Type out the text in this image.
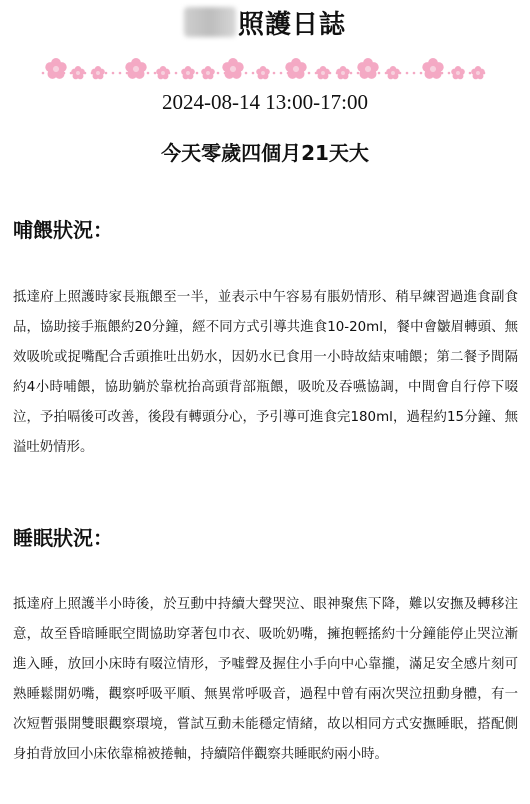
照護日誌
2024-08-14 13:00-17:00
今天零歲四個月21天大
哺餵狀況：
抵達府上照護時家長瓶餵至一半，並表示中午容易有脹奶情形、稍早練習過進食副食品，協助接手瓶餵約20分鐘，經不同方式引導共進食10-20ml，餐中會皺眉轉頭、無效吸吮或捉嘴配合舌頭推吐出奶水，因奶水已食用一小時故結束哺餵；第二餐予間隔約4小時哺餵，協助躺於靠枕抬高頭背部瓶餵，吸吮及吞嚥協調，中間會自行停下啜泣，予拍嗝後可改善，後段有轉頭分心，予引導可進食完180ml，過程約15分鐘、無溢吐奶情形。
睡眠狀況：
抵達府上照護半小時後，於互動中持續大聲哭泣、眼神聚焦下降，難以安撫及轉移注意，故至昏暗睡眠空間協助穿著包巾衣、吸吮奶嘴，擁抱輕搖約十分鐘能停止哭泣漸進入睡，放回小床時有啜泣情形，予噓聲及握住小手向中心靠攏，滿足安全感片刻可熟睡鬆開奶嘴，觀察呼吸平順、無異常呼吸音，過程中曾有兩次哭泣扭動身體，有一次短暫張開雙眼觀察環境，嘗試互動未能穩定情緒，故以相同方式安撫睡眠，搭配側身拍背放回小床依靠棉被捲軸，持續陪伴觀察共睡眠約兩小時。
